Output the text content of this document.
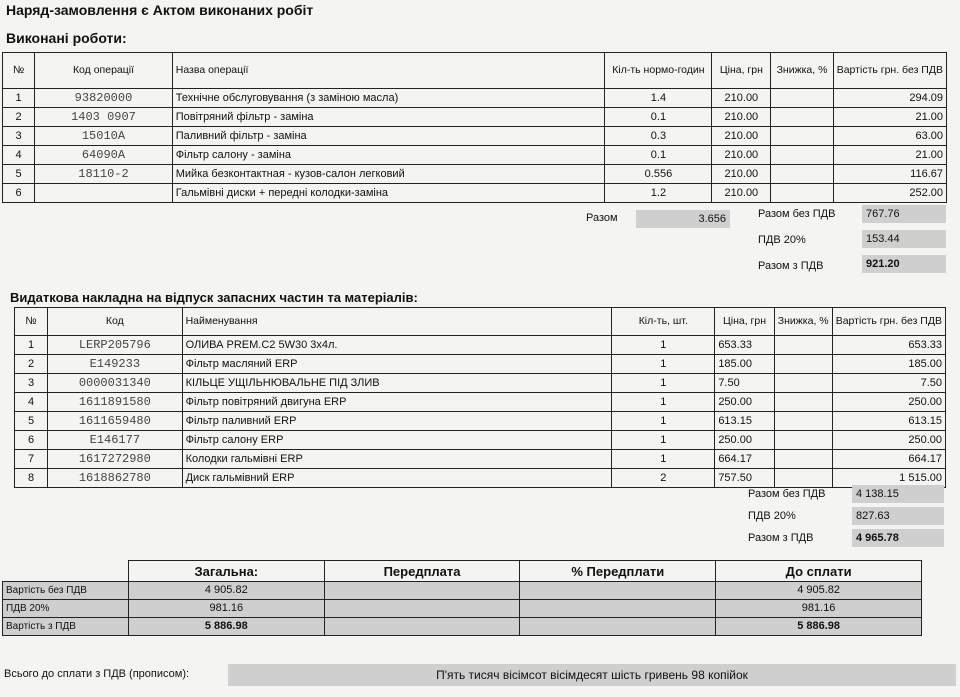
Наряд-замовлення є Актом виконаних робіт
Виконані роботи:
№	Код операції	Назва операції	Кіл-ть нормо-годин	Ціна, грн	Знижка, %	Вартість грн. без ПДВ
1	93820000	Технічне обслуговування (з заміною масла)	1.4	210.00		294.09
2	1403 0907	Повітряний фільтр - заміна	0.1	210.00		21.00
3	15010A	Паливний фільтр - заміна	0.3	210.00		63.00
4	64090A	Фільтр салону - заміна	0.1	210.00		21.00
5	18110-2	Мийка безконтактная - кузов-салон легковий	0.556	210.00		116.67
6		Гальмівні диски + передні колодки-заміна	1.2	210.00		252.00
Разом	3.656	Разом без ПДВ	767.76
ПДВ 20%	153.44
Разом з ПДВ	921.20
Видаткова накладна на відпуск запасних частин та матеріалів:
№	Код	Найменування	Кіл-ть, шт.	Ціна, грн	Знижка, %	Вартість грн. без ПДВ
1	LERP205796	ОЛИВА PREM.C2 5W30 3x4л.	1	653.33		653.33
2	E149233	Фільтр масляний ERP	1	185.00		185.00
3	0000031340	КІЛЬЦЕ УЩІЛЬНЮВАЛЬНЕ ПІД ЗЛИВ	1	7.50		7.50
4	1611891580	Фільтр повітряний двигуна ERP	1	250.00		250.00
5	1611659480	Фільтр паливний ERP	1	613.15		613.15
6	E146177	Фільтр салону ERP	1	250.00		250.00
7	1617272980	Колодки гальмівні ERP	1	664.17		664.17
8	1618862780	Диск гальмівний ERP	2	757.50		1 515.00
Разом без ПДВ	4 138.15
ПДВ 20%	827.63
Разом з ПДВ	4 965.78
	Загальна:	Передплата	% Передплати	До сплати
Вартість без ПДВ	4 905.82			4 905.82
ПДВ 20%	981.16			981.16
Вартість з ПДВ	5 886.98			5 886.98
Всього до сплати з ПДВ (прописом):	П'ять тисяч вісімсот вісімдесят шість гривень 98 копійок
